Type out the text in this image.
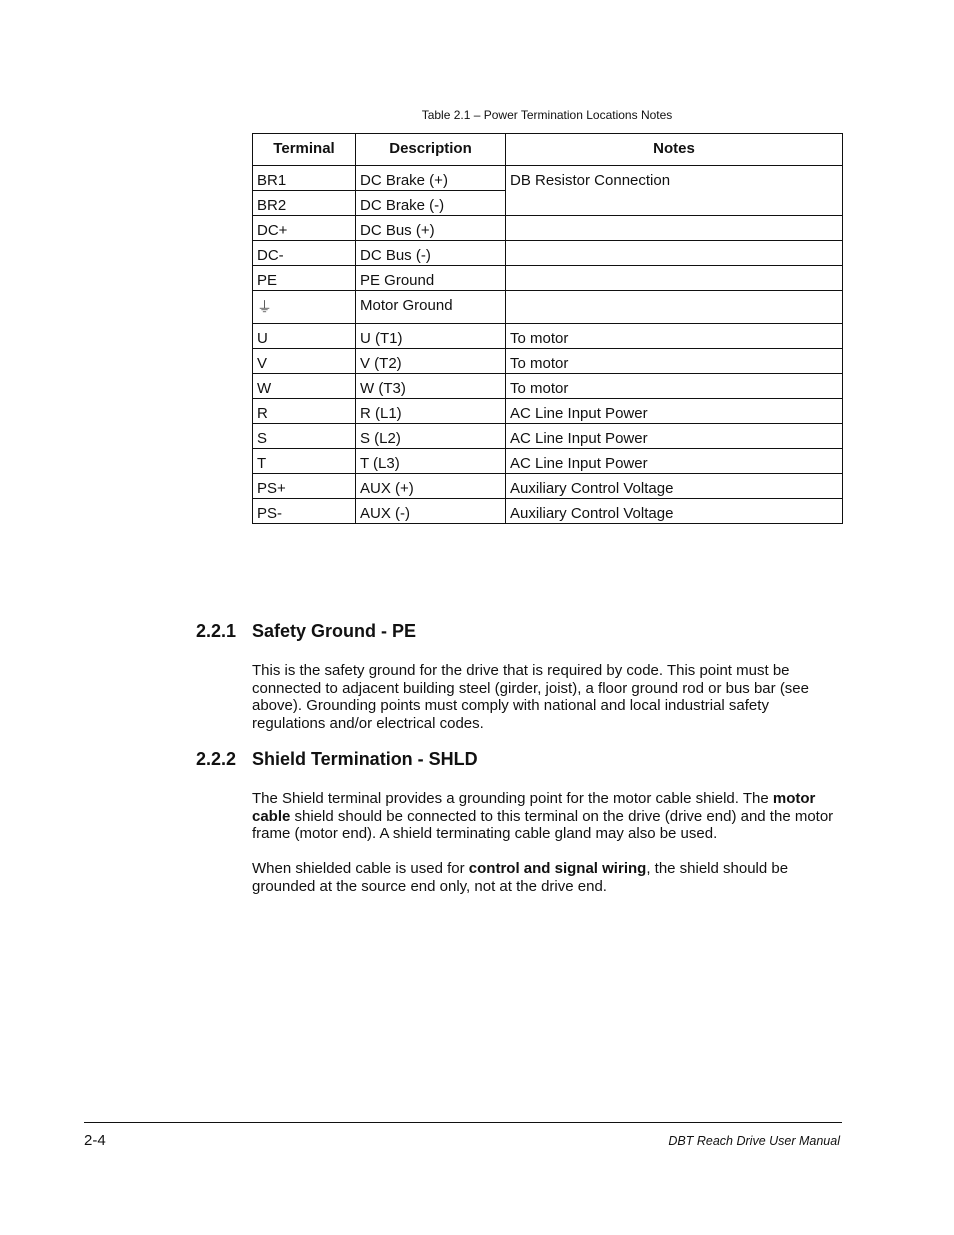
Table 2.1 – Power Termination Locations Notes
Terminal	Description	Notes
BR1	DC Brake (+)	DB Resistor Connection
BR2	DC Brake (-)	
DC+	DC Bus (+)	
DC-	DC Bus (-)	
PE	PE Ground	
⏚	Motor Ground	
U	U (T1)	To motor
V	V (T2)	To motor
W	W (T3)	To motor
R	R (L1)	AC Line Input Power
S	S (L2)	AC Line Input Power
T	T (L3)	AC Line Input Power
PS+	AUX (+)	Auxiliary Control Voltage
PS-	AUX (-)	Auxiliary Control Voltage
2.2.1 Safety Ground - PE
This is the safety ground for the drive that is required by code. This point must be connected to adjacent building steel (girder, joist), a floor ground rod or bus bar (see above). Grounding points must comply with national and local industrial safety regulations and/or electrical codes.
2.2.2 Shield Termination - SHLD
The Shield terminal provides a grounding point for the motor cable shield. The motor cable shield should be connected to this terminal on the drive (drive end) and the motor frame (motor end). A shield terminating cable gland may also be used.
When shielded cable is used for control and signal wiring, the shield should be grounded at the source end only, not at the drive end.
2-4	DBT Reach Drive User Manual
